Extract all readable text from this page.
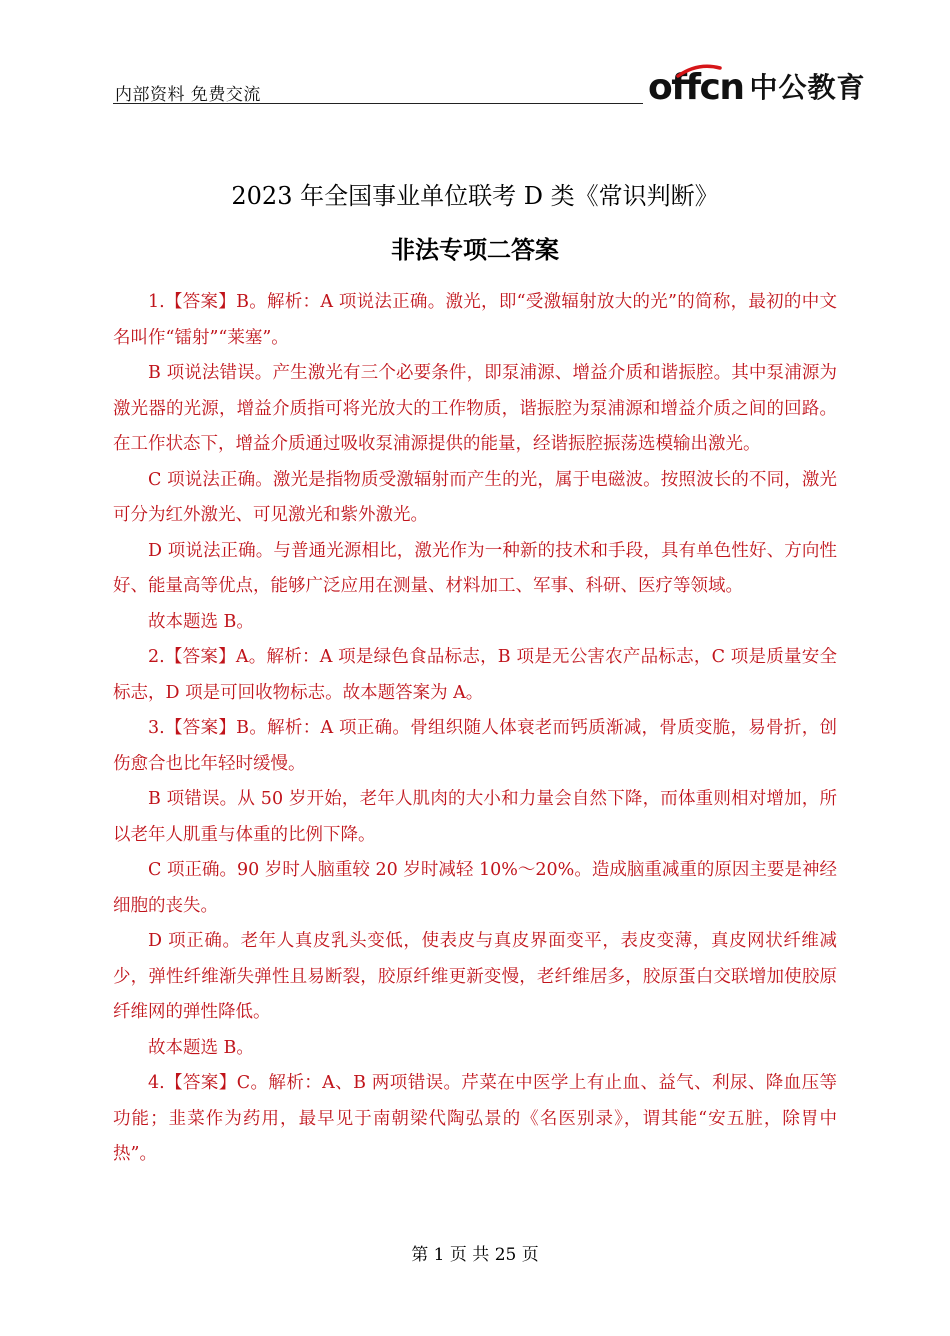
内部资料 免费交流	offcn 中公教育
2023 年全国事业单位联考 D 类《常识判断》
非法专项二答案

1.【答案】B。解析：A 项说法正确。激光，即“受激辐射放大的光”的简称，最初的中文名叫作“镭射”“莱塞”。

B 项说法错误。产生激光有三个必要条件，即泵浦源、增益介质和谐振腔。其中泵浦源为激光器的光源，增益介质指可将光放大的工作物质，谐振腔为泵浦源和增益介质之间的回路。在工作状态下，增益介质通过吸收泵浦源提供的能量，经谐振腔振荡选模输出激光。

C 项说法正确。激光是指物质受激辐射而产生的光，属于电磁波。按照波长的不同，激光可分为红外激光、可见激光和紫外激光。

D 项说法正确。与普通光源相比，激光作为一种新的技术和手段，具有单色性好、方向性好、能量高等优点，能够广泛应用在测量、材料加工、军事、科研、医疗等领域。

故本题选 B。

2.【答案】A。解析：A 项是绿色食品标志，B 项是无公害农产品标志，C 项是质量安全标志，D 项是可回收物标志。故本题答案为 A。

3.【答案】B。解析：A 项正确。骨组织随人体衰老而钙质渐减，骨质变脆，易骨折，创伤愈合也比年轻时缓慢。

B 项错误。从 50 岁开始，老年人肌肉的大小和力量会自然下降，而体重则相对增加，所以老年人肌重与体重的比例下降。

C 项正确。90 岁时人脑重较 20 岁时减轻 10%～20%。造成脑重减重的原因主要是神经细胞的丧失。

D 项正确。老年人真皮乳头变低，使表皮与真皮界面变平，表皮变薄，真皮网状纤维减少，弹性纤维渐失弹性且易断裂，胶原纤维更新变慢，老纤维居多，胶原蛋白交联增加使胶原纤维网的弹性降低。

故本题选 B。

4.【答案】C。解析：A、B 两项错误。芹菜在中医学上有止血、益气、利尿、降血压等功能；韭菜作为药用，最早见于南朝梁代陶弘景的《名医别录》，谓其能“安五脏，除胃中热”。

第 1 页 共 25 页
